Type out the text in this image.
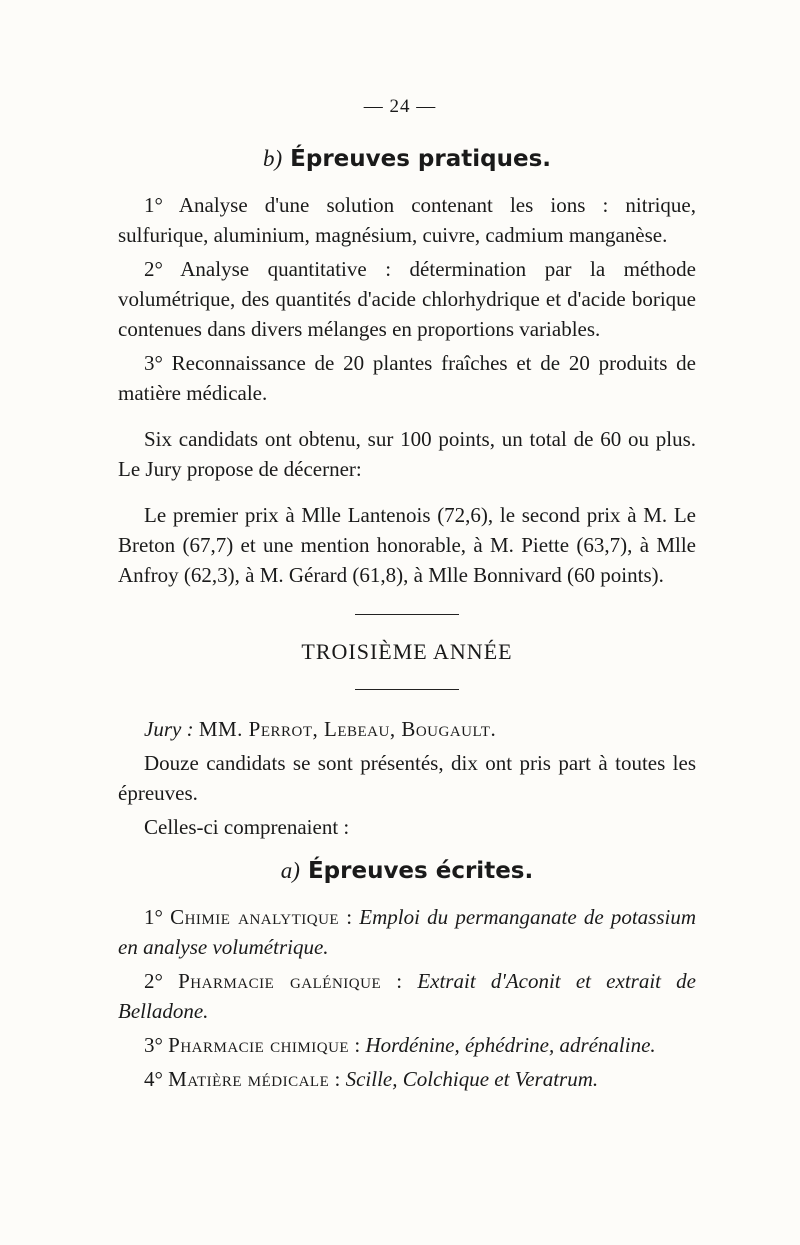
— 24 —
b) Épreuves pratiques.

1° Analyse d'une solution contenant les ions : nitrique, sulfurique, aluminium, magnésium, cuivre, cadmium manganèse.

2° Analyse quantitative : détermination par la méthode volumétrique, des quantités d'acide chlorhydrique et d'acide borique contenues dans divers mélanges en proportions variables.

3° Reconnaissance de 20 plantes fraîches et de 20 produits de matière médicale.

Six candidats ont obtenu, sur 100 points, un total de 60 ou plus. Le Jury propose de décerner:

Le premier prix à Mlle Lantenois (72,6), le second prix à M. Le Breton (67,7) et une mention honorable, à M. Piette (63,7), à Mlle Anfroy (62,3), à M. Gérard (61,8), à Mlle Bonnivard (60 points).

TROISIÈME ANNÉE

Jury : MM. Perrot, Lebeau, Bougault.

Douze candidats se sont présentés, dix ont pris part à toutes les épreuves.

Celles-ci comprenaient :

a) Épreuves écrites.

1° Chimie analytique : Emploi du permanganate de potassium en analyse volumétrique.

2° Pharmacie galénique : Extrait d'Aconit et extrait de Belladone.

3° Pharmacie chimique : Hordénine, éphédrine, adrénaline.

4° Matière médicale : Scille, Colchique et Veratrum.
